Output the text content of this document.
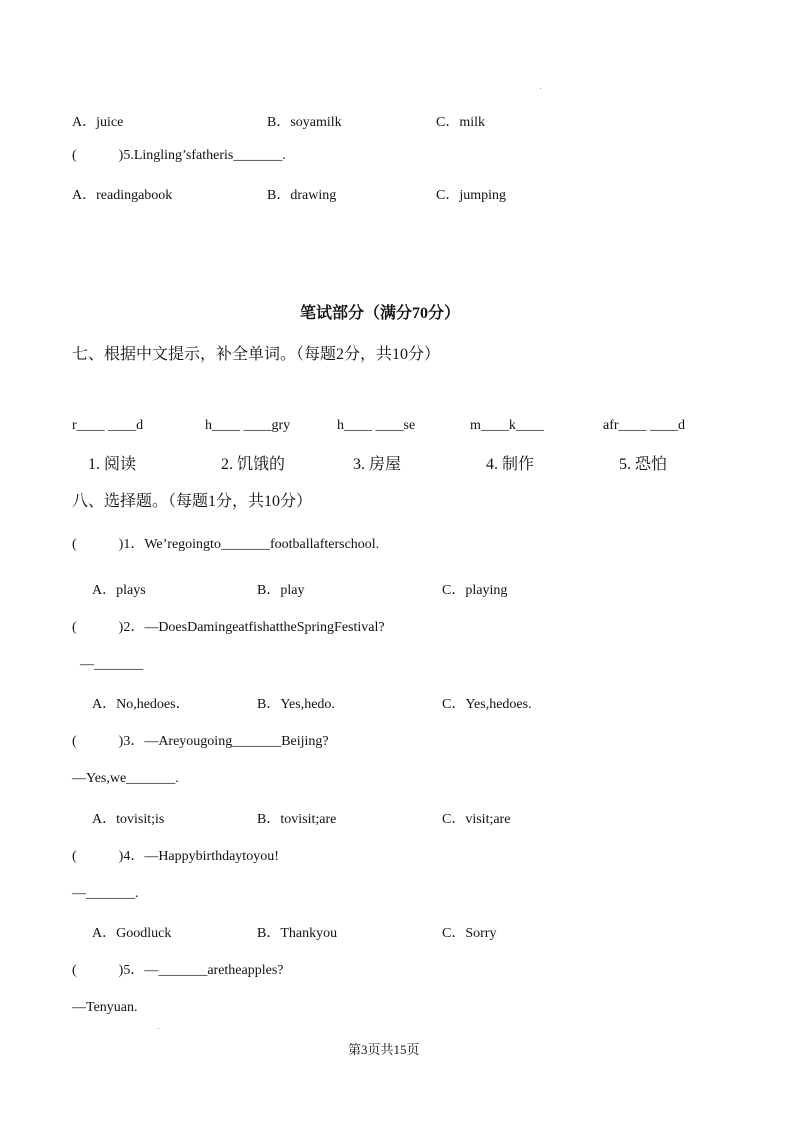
A．juice	B．soyamilk	C．milk
(　　　)5.Lingling’sfatheris_______.
A．readingabook	B．drawing	C．jumping
笔试部分（满分70分）
七、根据中文提示，补全单词。（每题2分，共10分）
r____ ____d	h____ ____gry	h____ ____se	m____k____	afr____ ____d
1. 阅读	2. 饥饿的	3. 房屋	4. 制作	5. 恐怕
八、选择题。（每题1分，共10分）
(　　　)1．We’regoingto_______footballafterschool.
A．plays	B．play	C．playing
(　　　)2．—DoesDamingeatfishattheSpringFestival?
—_______
A．No,hedoes．	B．Yes,hedo.	C．Yes,hedoes.
(　　　)3．—Areyougoing_______Beijing?
—Yes,we_______.
A．tovisit;is	B．tovisit;are	C．visit;are
(　　　)4．—Happybirthdaytoyou!
—_______.
A．Goodluck	B．Thankyou	C．Sorry
(　　　)5．—_______aretheapples?
—Tenyuan.
第3页共15页
